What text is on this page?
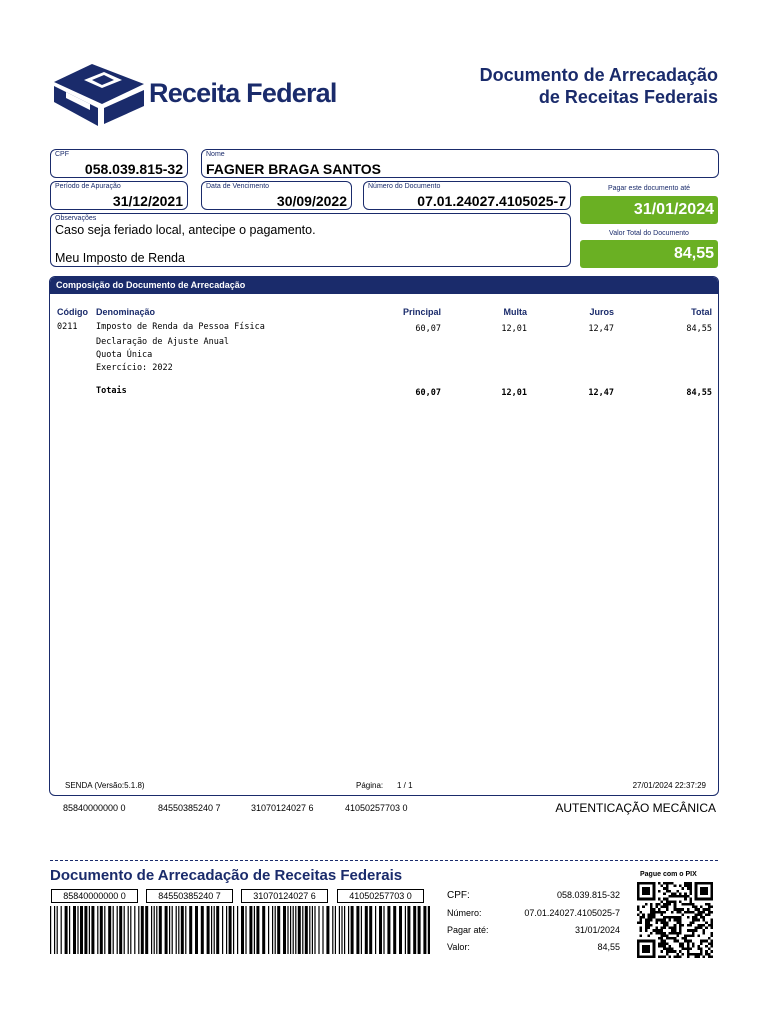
Receita Federal
Documento de Arrecadação
de Receitas Federais
CPF
058.039.815-32
Nome
FAGNER BRAGA SANTOS
Período de Apuração
31/12/2021
Data de Vencimento
30/09/2022
Número do Documento
07.01.24027.4105025-7
Pagar este documento até
31/01/2024
Observações
Caso seja feriado local, antecipe o pagamento.
Meu Imposto de Renda
Valor Total do Documento
84,55
Composição do Documento de Arrecadação
Código Denominação	Principal	Multa	Juros	Total
0211 Imposto de Renda da Pessoa Física	60,07	12,01	12,47	84,55
Declaração de Ajuste Anual
Quota Única
Exercício: 2022
Totais	60,07	12,01	12,47	84,55
SENDA (Versão:5.1.8)	Página: 1 / 1	27/01/2024 22:37:29
85840000000 0	84550385240 7	31070124027 6	41050257703 0	AUTENTICAÇÃO MECÂNICA
Documento de Arrecadação de Receitas Federais
85840000000 0	84550385240 7	31070124027 6	41050257703 0	CPF:	058.039.815-32
Número:	07.01.24027.4105025-7
Pagar até:	31/01/2024
Valor:	84,55
Pague com o PIX
